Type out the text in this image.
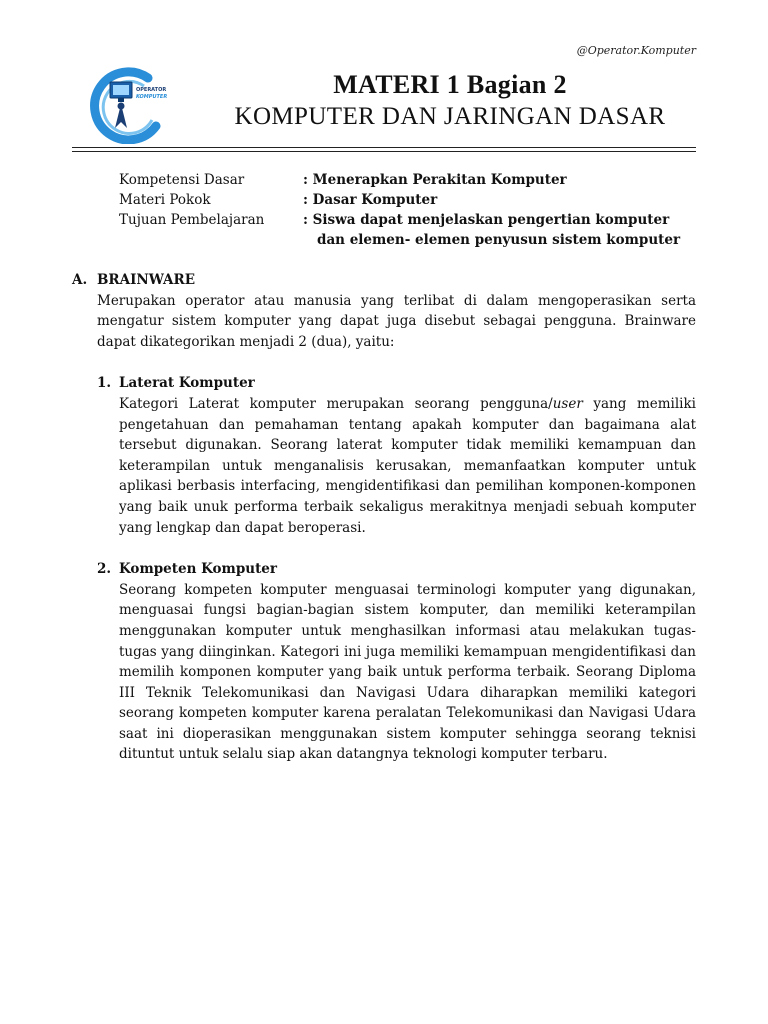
@Operator.Komputer
OPERATOR
KOMPUTER	MATERI 1 Bagian 2
KOMPUTER DAN JARINGAN DASAR
Kompetensi Dasar	: Menerapkan Perakitan Komputer
Materi Pokok	: Dasar Komputer
Tujuan Pembelajaran	: Siswa dapat menjelaskan pengertian komputer dan elemen- elemen penyusun sistem komputer
A. BRAINWARE
Merupakan operator atau manusia yang terlibat di dalam mengoperasikan serta mengatur sistem komputer yang dapat juga disebut sebagai pengguna. Brainware dapat dikategorikan menjadi 2 (dua), yaitu:
1. Laterat Komputer
Kategori Laterat komputer merupakan seorang pengguna/user yang memiliki pengetahuan dan pemahaman tentang apakah komputer dan bagaimana alat tersebut digunakan. Seorang laterat komputer tidak memiliki kemampuan dan keterampilan untuk menganalisis kerusakan, memanfaatkan komputer untuk aplikasi berbasis interfacing, mengidentifikasi dan pemilihan komponen-komponen yang baik unuk performa terbaik sekaligus merakitnya menjadi sebuah komputer yang lengkap dan dapat beroperasi.
2. Kompeten Komputer
Seorang kompeten komputer menguasai terminologi komputer yang digunakan, menguasai fungsi bagian-bagian sistem komputer, dan memiliki keterampilan menggunakan komputer untuk menghasilkan informasi atau melakukan tugas-tugas yang diinginkan. Kategori ini juga memiliki kemampuan mengidentifikasi dan memilih komponen komputer yang baik untuk performa terbaik. Seorang Diploma III Teknik Telekomunikasi dan Navigasi Udara diharapkan memiliki kategori seorang kompeten komputer karena peralatan Telekomunikasi dan Navigasi Udara saat ini dioperasikan menggunakan sistem komputer sehingga seorang teknisi dituntut untuk selalu siap akan datangnya teknologi komputer terbaru.
